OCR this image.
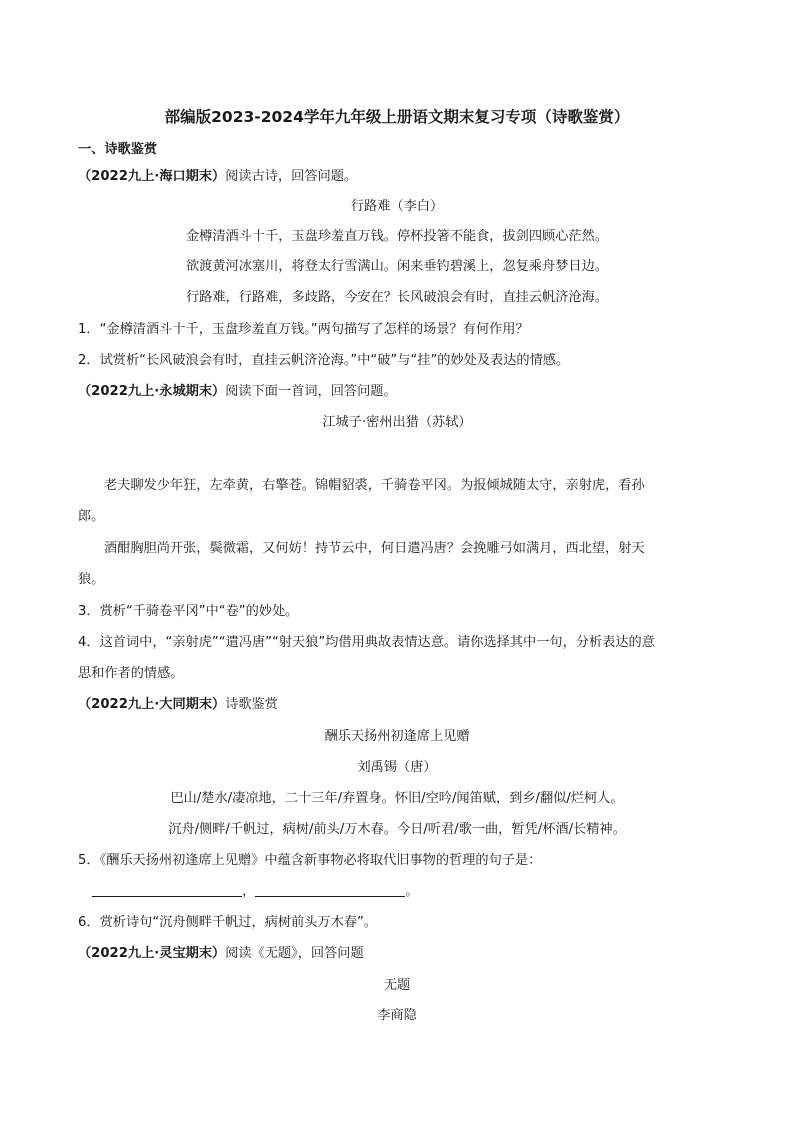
部编版2023-2024学年九年级上册语文期末复习专项（诗歌鉴赏）
一、诗歌鉴赏
（2022九上·海口期末）阅读古诗，回答问题。
行路难（李白）
金樽清酒斗十千，玉盘珍羞直万钱。停杯投箸不能食，拔剑四顾心茫然。
欲渡黄河冰塞川，将登太行雪满山。闲来垂钓碧溪上，忽复乘舟梦日边。
行路难，行路难，多歧路，今安在？长风破浪会有时，直挂云帆济沧海。
1．“金樽清酒斗十千，玉盘珍羞直万钱。”两句描写了怎样的场景？有何作用？
2．试赏析“长风破浪会有时，直挂云帆济沧海。”中“破”与“挂”的妙处及表达的情感。
（2022九上·永城期末）阅读下面一首词，回答问题。
江城子·密州出猎（苏轼）
老夫聊发少年狂，左牵黄，右擎苍。锦帽貂裘，千骑卷平冈。为报倾城随太守，亲射虎，看孙
郎。
酒酣胸胆尚开张，鬓微霜，又何妨！持节云中，何日遣冯唐？会挽雕弓如满月，西北望，射天
狼。
3．赏析“千骑卷平冈”中“卷”的妙处。
4．这首词中，“亲射虎”“遣冯唐”“射天狼”均借用典故表情达意。请你选择其中一句，分析表达的意
思和作者的情感。
（2022九上·大同期末）诗歌鉴赏
酬乐天扬州初逢席上见赠
刘禹锡（唐）
巴山/楚水/凄凉地，二十三年/弃置身。怀旧/空吟/闻笛赋，到乡/翻似/烂柯人。
沉舟/侧畔/千帆过，病树/前头/万木春。今日/听君/歌一曲，暂凭/杯酒/长精神。
5．《酬乐天扬州初逢席上见赠》中蕴含新事物必将取代旧事物的哲理的句子是：
，	。
6．赏析诗句“沉舟侧畔千帆过，病树前头万木春”。
（2022九上·灵宝期末）阅读《无题》，回答问题
无题
李商隐
